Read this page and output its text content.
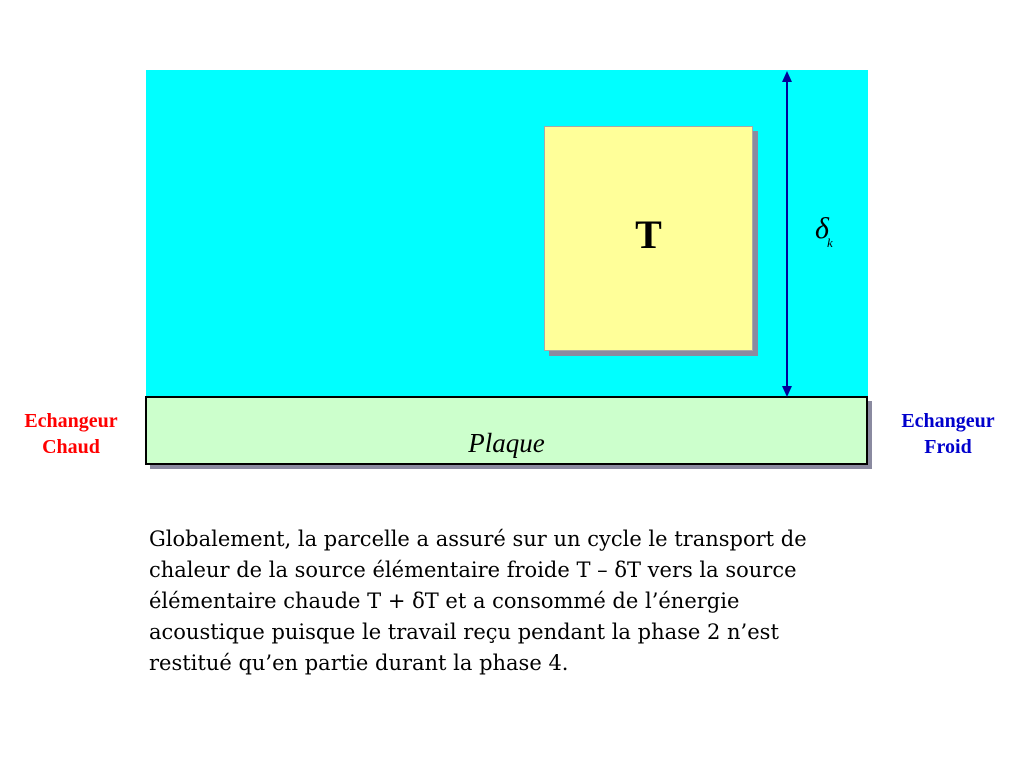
T
Plaque
$\delta_k$
Echangeur
Chaud
Echangeur
Froid
Globalement, la parcelle a assuré sur un cycle le transport de
chaleur de la source élémentaire froide T – δT vers la source
élémentaire chaude T + δT et a consommé de l’énergie
acoustique puisque le travail reçu pendant la phase 2 n’est
restitué qu’en partie durant la phase 4.
